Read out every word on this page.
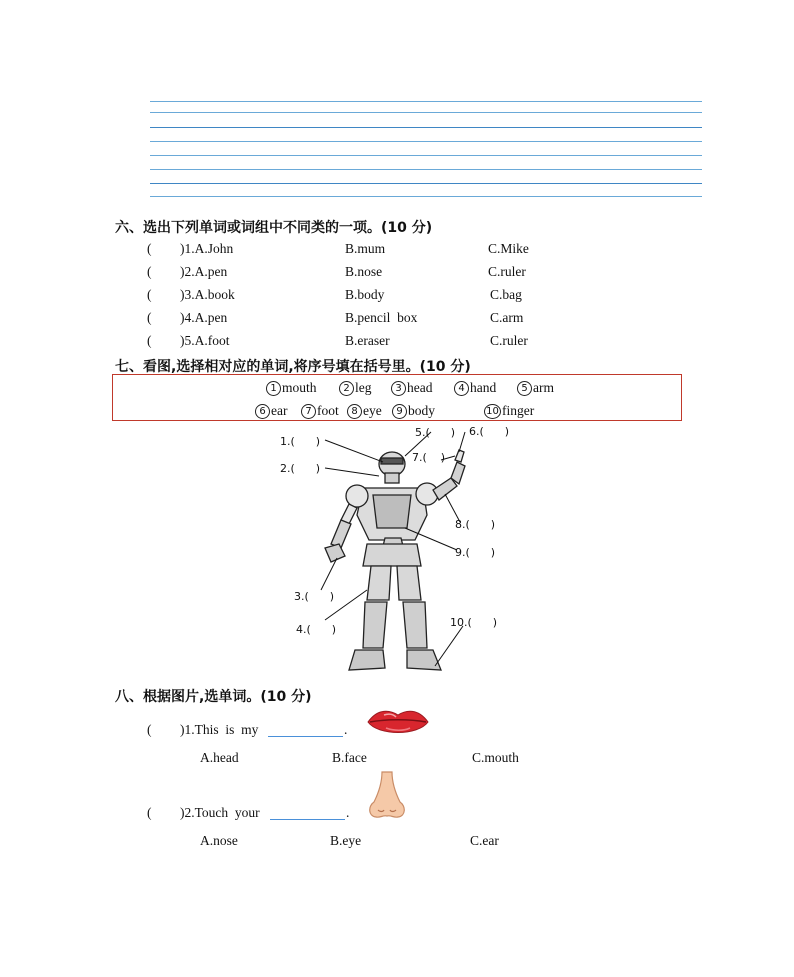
六、选出下列单词或词组中不同类的一项。(10 分)
( )1.A.John	B.mum	C.Mike
( )2.A.pen	B.nose	C.ruler
( )3.A.book	B.body	C.bag
( )4.A.pen	B.pencil  box	C.arm
( )5.A.foot	B.eraser	C.ruler
七、看图,选择相对应的单词,将序号填在括号里。(10 分)
1 mouth	2 leg	3 head	4 hand	5 arm
6 ear	7 foot	8 eye	9 body	10 finger
1.(      )
2.(      )
3.(      )
4.(      )
5.(      ) 6.(      )
7.(    )
8.(      )
9.(      )
10.(      )
八、根据图片,选单词。(10 分)
( )1.This  is  my	.
A.head	B.face	C.mouth
( )2.Touch  your	.
A.nose	B.eye	C.ear
